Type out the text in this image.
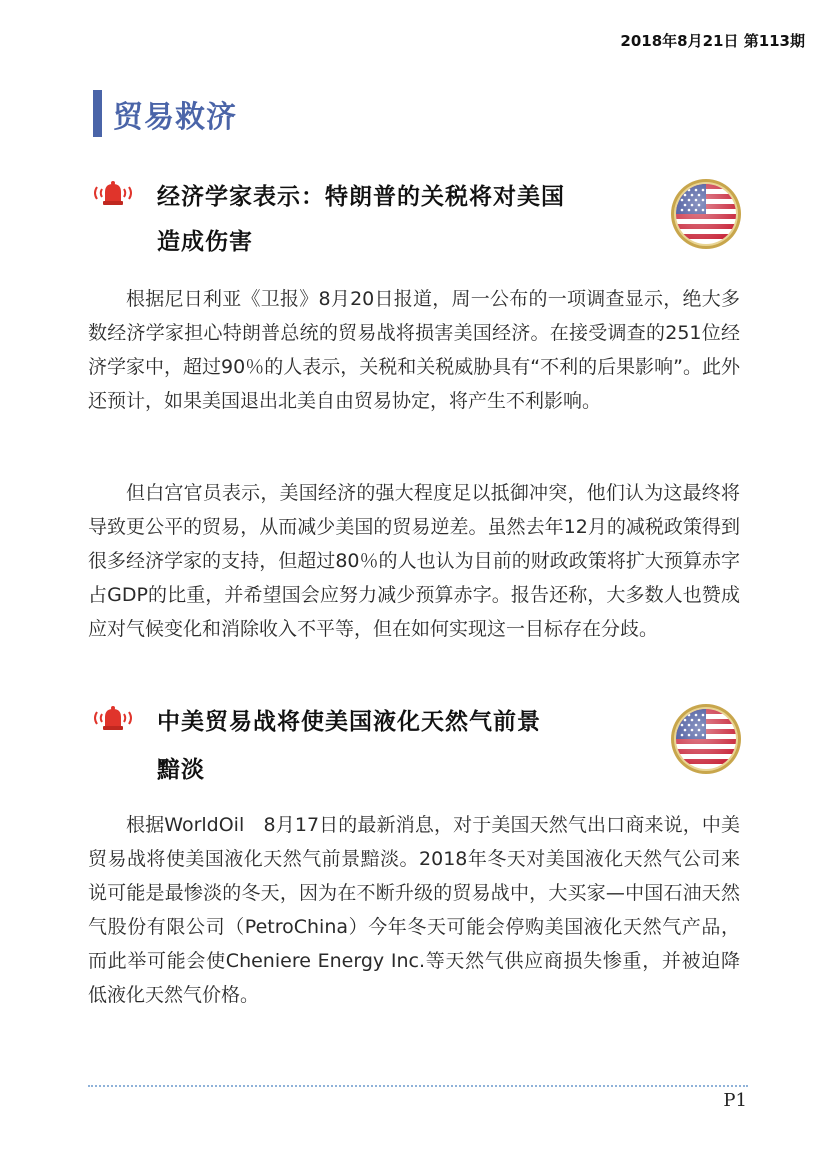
2018年8月21日 第113期
贸易救济
经济学家表示：特朗普的关税将对美国
造成伤害

根据尼日利亚《卫报》8月20日报道，周一公布的一项调查显示，绝大多数经济学家担心特朗普总统的贸易战将损害美国经济。在接受调查的251位经济学家中，超过90％的人表示，关税和关税威胁具有“不利的后果影响”。此外还预计，如果美国退出北美自由贸易协定，将产生不利影响。

但白宫官员表示，美国经济的强大程度足以抵御冲突，他们认为这最终将导致更公平的贸易，从而减少美国的贸易逆差。虽然去年12月的减税政策得到很多经济学家的支持，但超过80％的人也认为目前的财政政策将扩大预算赤字占GDP的比重，并希望国会应努力减少预算赤字。报告还称，大多数人也赞成应对气候变化和消除收入不平等，但在如何实现这一目标存在分歧。

中美贸易战将使美国液化天然气前景
黯淡

根据WorldOil　8月17日的最新消息，对于美国天然气出口商来说，中美贸易战将使美国液化天然气前景黯淡。2018年冬天对美国液化天然气公司来说可能是最惨淡的冬天，因为在不断升级的贸易战中，大买家—中国石油天然气股份有限公司（PetroChina）今年冬天可能会停购美国液化天然气产品，而此举可能会使Cheniere Energy Inc.等天然气供应商损失惨重，并被迫降低液化天然气价格。

P1
